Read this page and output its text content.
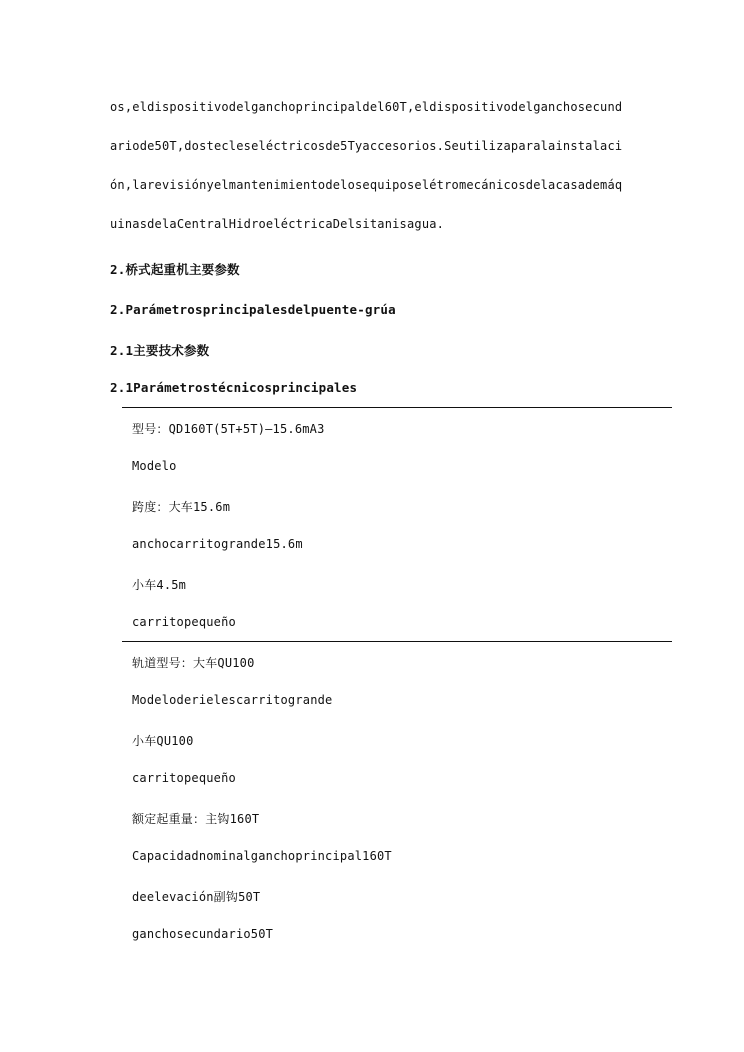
os,eldispositivodelganchoprincipaldel60T,eldispositivodelganchosecund
ariode50T,dostecleseléctricosde5Tyaccesorios.Seutilizaparalainstalaci
ón,larevisiónyelmantenimientodelosequiposelétromecánicosdelacasademáq
uinasdelaCentralHidroeléctricaDelsitanisagua.
2.桥式起重机主要参数
2.Parámetrosprincipalesdelpuente-grúa
2.1主要技术参数
2.1Parámetrostécnicosprincipales
型号：QD160T(5T+5T)—15.6mA3
Modelo
跨度：大车15.6m
anchocarritogrande15.6m
小车4.5m
carritopequeño
轨道型号：大车QU100
Modeloderielescarritogrande
小车QU100
carritopequeño
额定起重量：主钩160T
Capacidadnominalganchoprincipal160T
deelevación副钩50T
ganchosecundario50T
